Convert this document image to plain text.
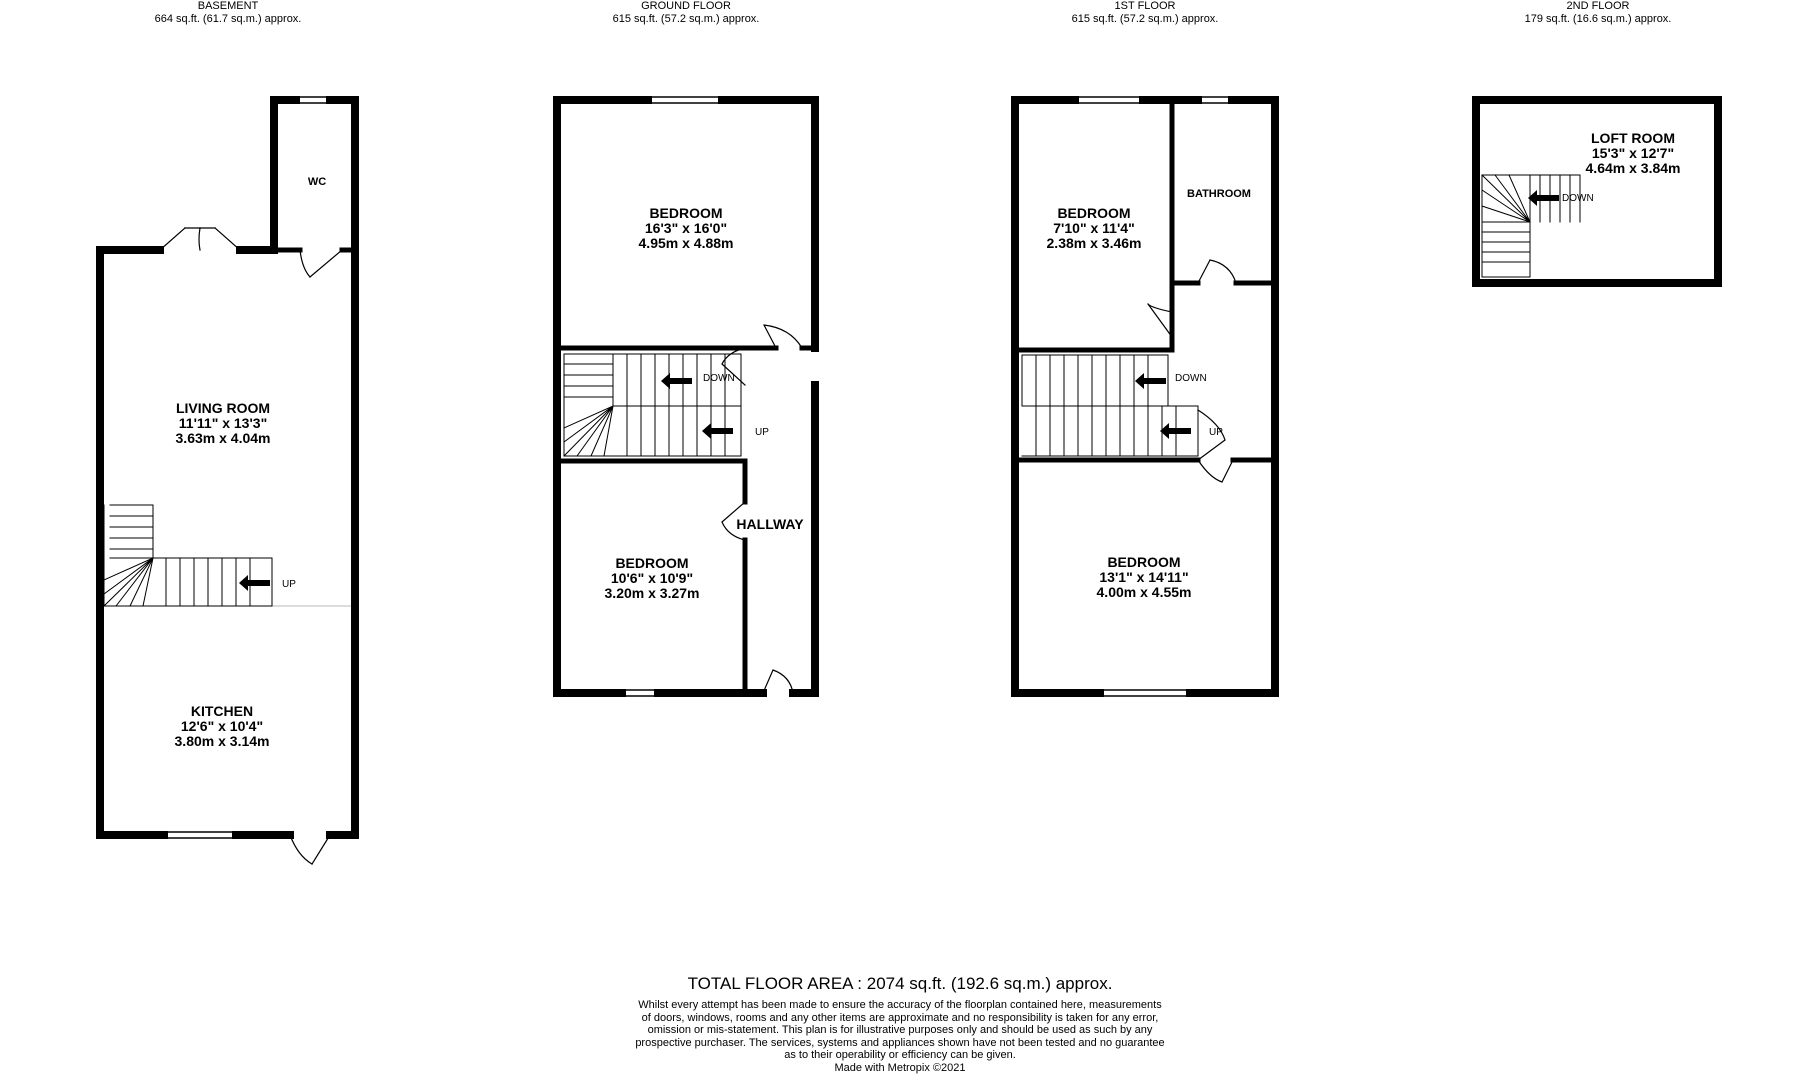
BASEMENT
664 sq.ft. (61.7 sq.m.) approx.
GROUND FLOOR
615 sq.ft. (57.2 sq.m.) approx.
1ST FLOOR
615 sq.ft. (57.2 sq.m.) approx.
2ND FLOOR
179 sq.ft. (16.6 sq.m.) approx.
WC
LIVING ROOM
11'11" x 13'3"
3.63m x 4.04m
KITCHEN
12'6" x 10'4"
3.80m x 3.14m
BEDROOM
16'3" x 16'0"
4.95m x 4.88m
BEDROOM
10'6" x 10'9"
3.20m x 3.27m
HALLWAY
BEDROOM
7'10" x 11'4"
2.38m x 3.46m
BATHROOM
BEDROOM
13'1" x 14'11"
4.00m x 4.55m
LOFT ROOM
15'3" x 12'7"
4.64m x 3.84m
UP
DOWN
UP
DOWN
UP
DOWN
TOTAL FLOOR AREA : 2074 sq.ft. (192.6 sq.m.) approx.
Whilst every attempt has been made to ensure the accuracy of the floorplan contained here, measurements
of doors, windows, rooms and any other items are approximate and no responsibility is taken for any error,
omission or mis-statement. This plan is for illustrative purposes only and should be used as such by any
prospective purchaser. The services, systems and appliances shown have not been tested and no guarantee
as to their operability or efficiency can be given.
Made with Metropix ©2021
